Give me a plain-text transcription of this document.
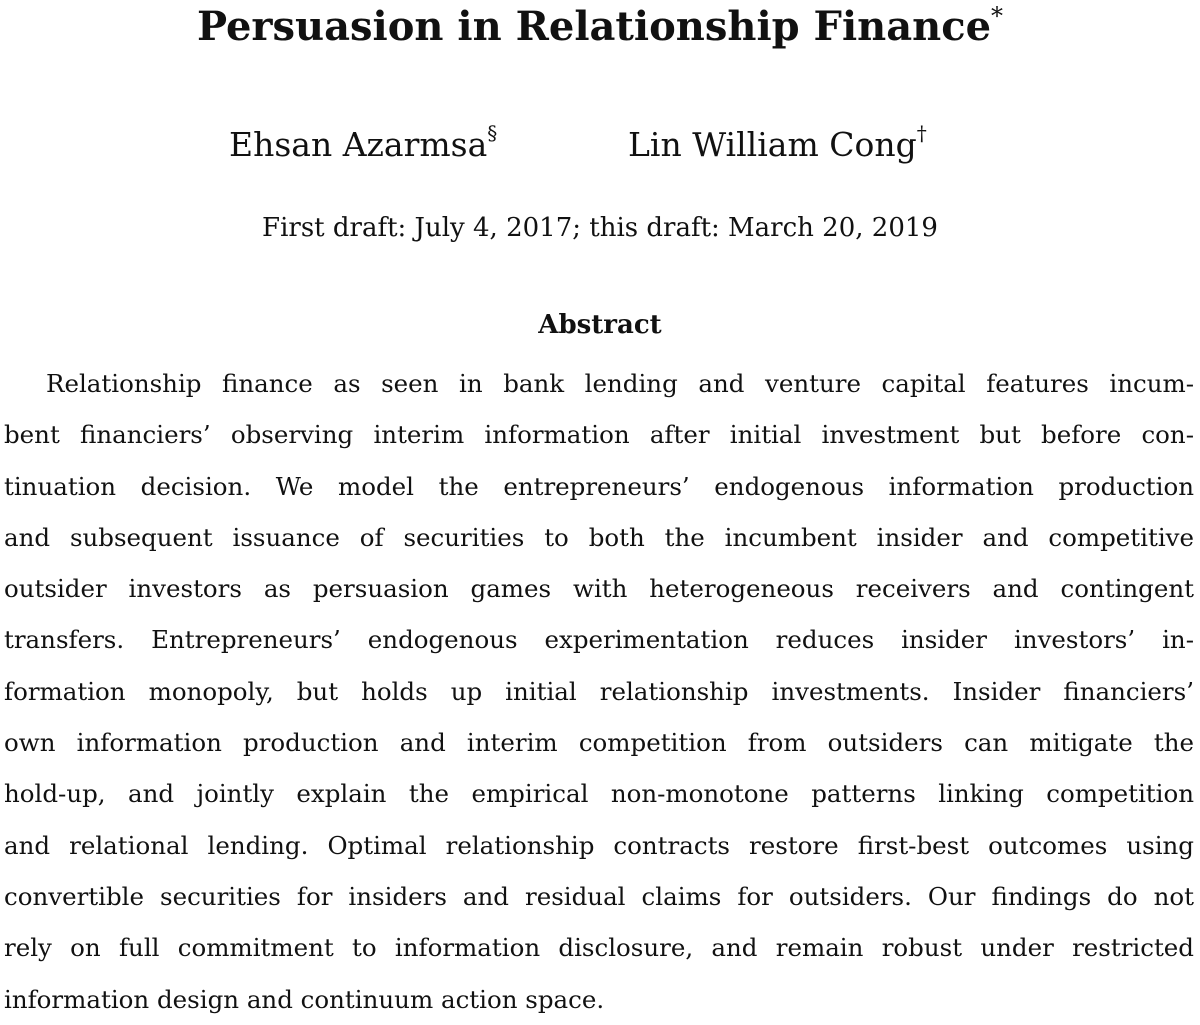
Persuasion in Relationship Finance*
Ehsan Azarmsa§	Lin William Cong†
First draft: July 4, 2017; this draft: March 20, 2019
Abstract
Relationship finance as seen in bank lending and venture capital features incum-
bent financiers’ observing interim information after initial investment but before con-
tinuation decision. We model the entrepreneurs’ endogenous information production
and subsequent issuance of securities to both the incumbent insider and competitive
outsider investors as persuasion games with heterogeneous receivers and contingent
transfers. Entrepreneurs’ endogenous experimentation reduces insider investors’ in-
formation monopoly, but holds up initial relationship investments. Insider financiers’
own information production and interim competition from outsiders can mitigate the
hold-up, and jointly explain the empirical non-monotone patterns linking competition
and relational lending. Optimal relationship contracts restore first-best outcomes using
convertible securities for insiders and residual claims for outsiders. Our findings do not
rely on full commitment to information disclosure, and remain robust under restricted
information design and continuum action space.
